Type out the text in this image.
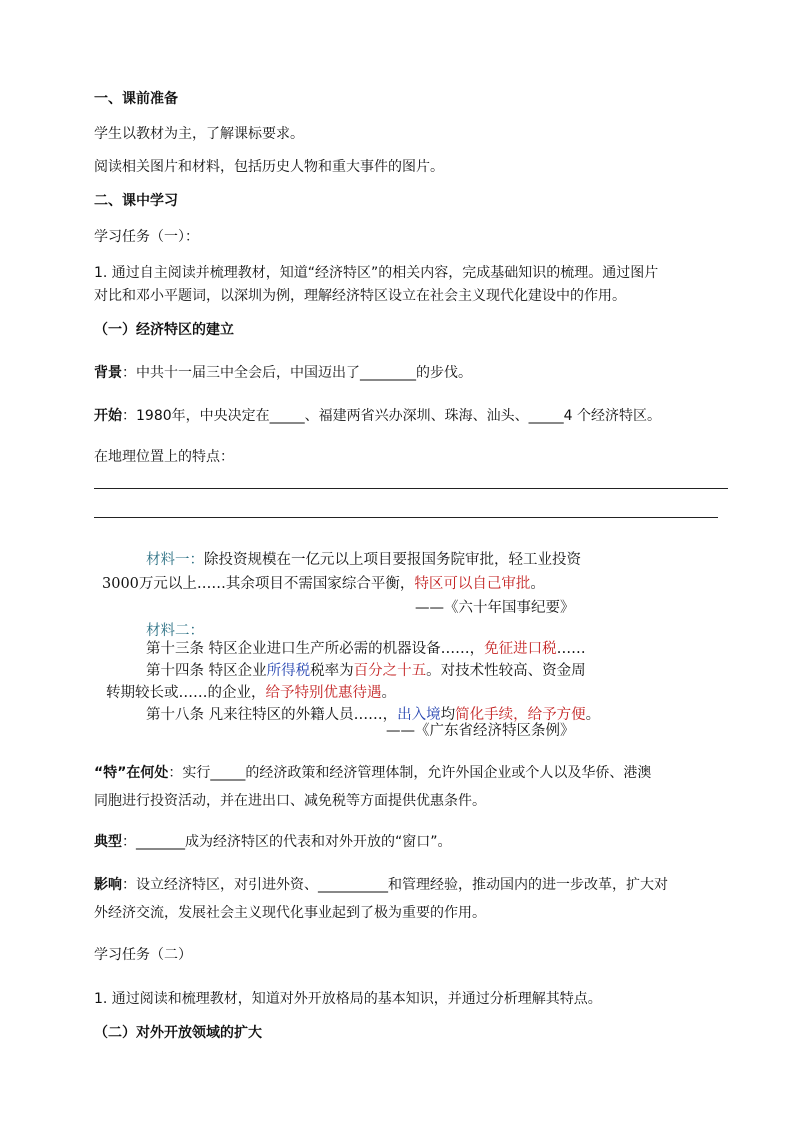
一、课前准备
学生以教材为主，了解课标要求。
阅读相关图片和材料，包括历史人物和重大事件的图片。
二、课中学习
学习任务（一）：
1. 通过自主阅读并梳理教材，知道“经济特区”的相关内容，完成基础知识的梳理。通过图片
对比和邓小平题词，以深圳为例，理解经济特区设立在社会主义现代化建设中的作用。
（一）经济特区的建立
背景：中共十一届三中全会后，中国迈出了________的步伐。
开始：1980年，中央决定在_____、福建两省兴办深圳、珠海、汕头、_____4 个经济特区。
在地理位置上的特点：
材料一：除投资规模在一亿元以上项目要报国务院审批，轻工业投资
3000万元以上……其余项目不需国家综合平衡，特区可以自己审批。
——《六十年国事纪要》
材料二：
第十三条 特区企业进口生产所必需的机器设备……，免征进口税……
第十四条 特区企业所得税税率为百分之十五。对技术性较高、资金周
转期较长或……的企业，给予特别优惠待遇。
第十八条 凡来往特区的外籍人员……，出入境均简化手续，给予方便。
——《广东省经济特区条例》
“特”在何处：实行_____的经济政策和经济管理体制，允许外国企业或个人以及华侨、港澳
同胞进行投资活动，并在进出口、减免税等方面提供优惠条件。
典型：_______成为经济特区的代表和对外开放的“窗口”。
影响：设立经济特区，对引进外资、__________和管理经验，推动国内的进一步改革，扩大对
外经济交流，发展社会主义现代化事业起到了极为重要的作用。
学习任务（二）
1. 通过阅读和梳理教材，知道对外开放格局的基本知识，并通过分析理解其特点。
（二）对外开放领域的扩大
